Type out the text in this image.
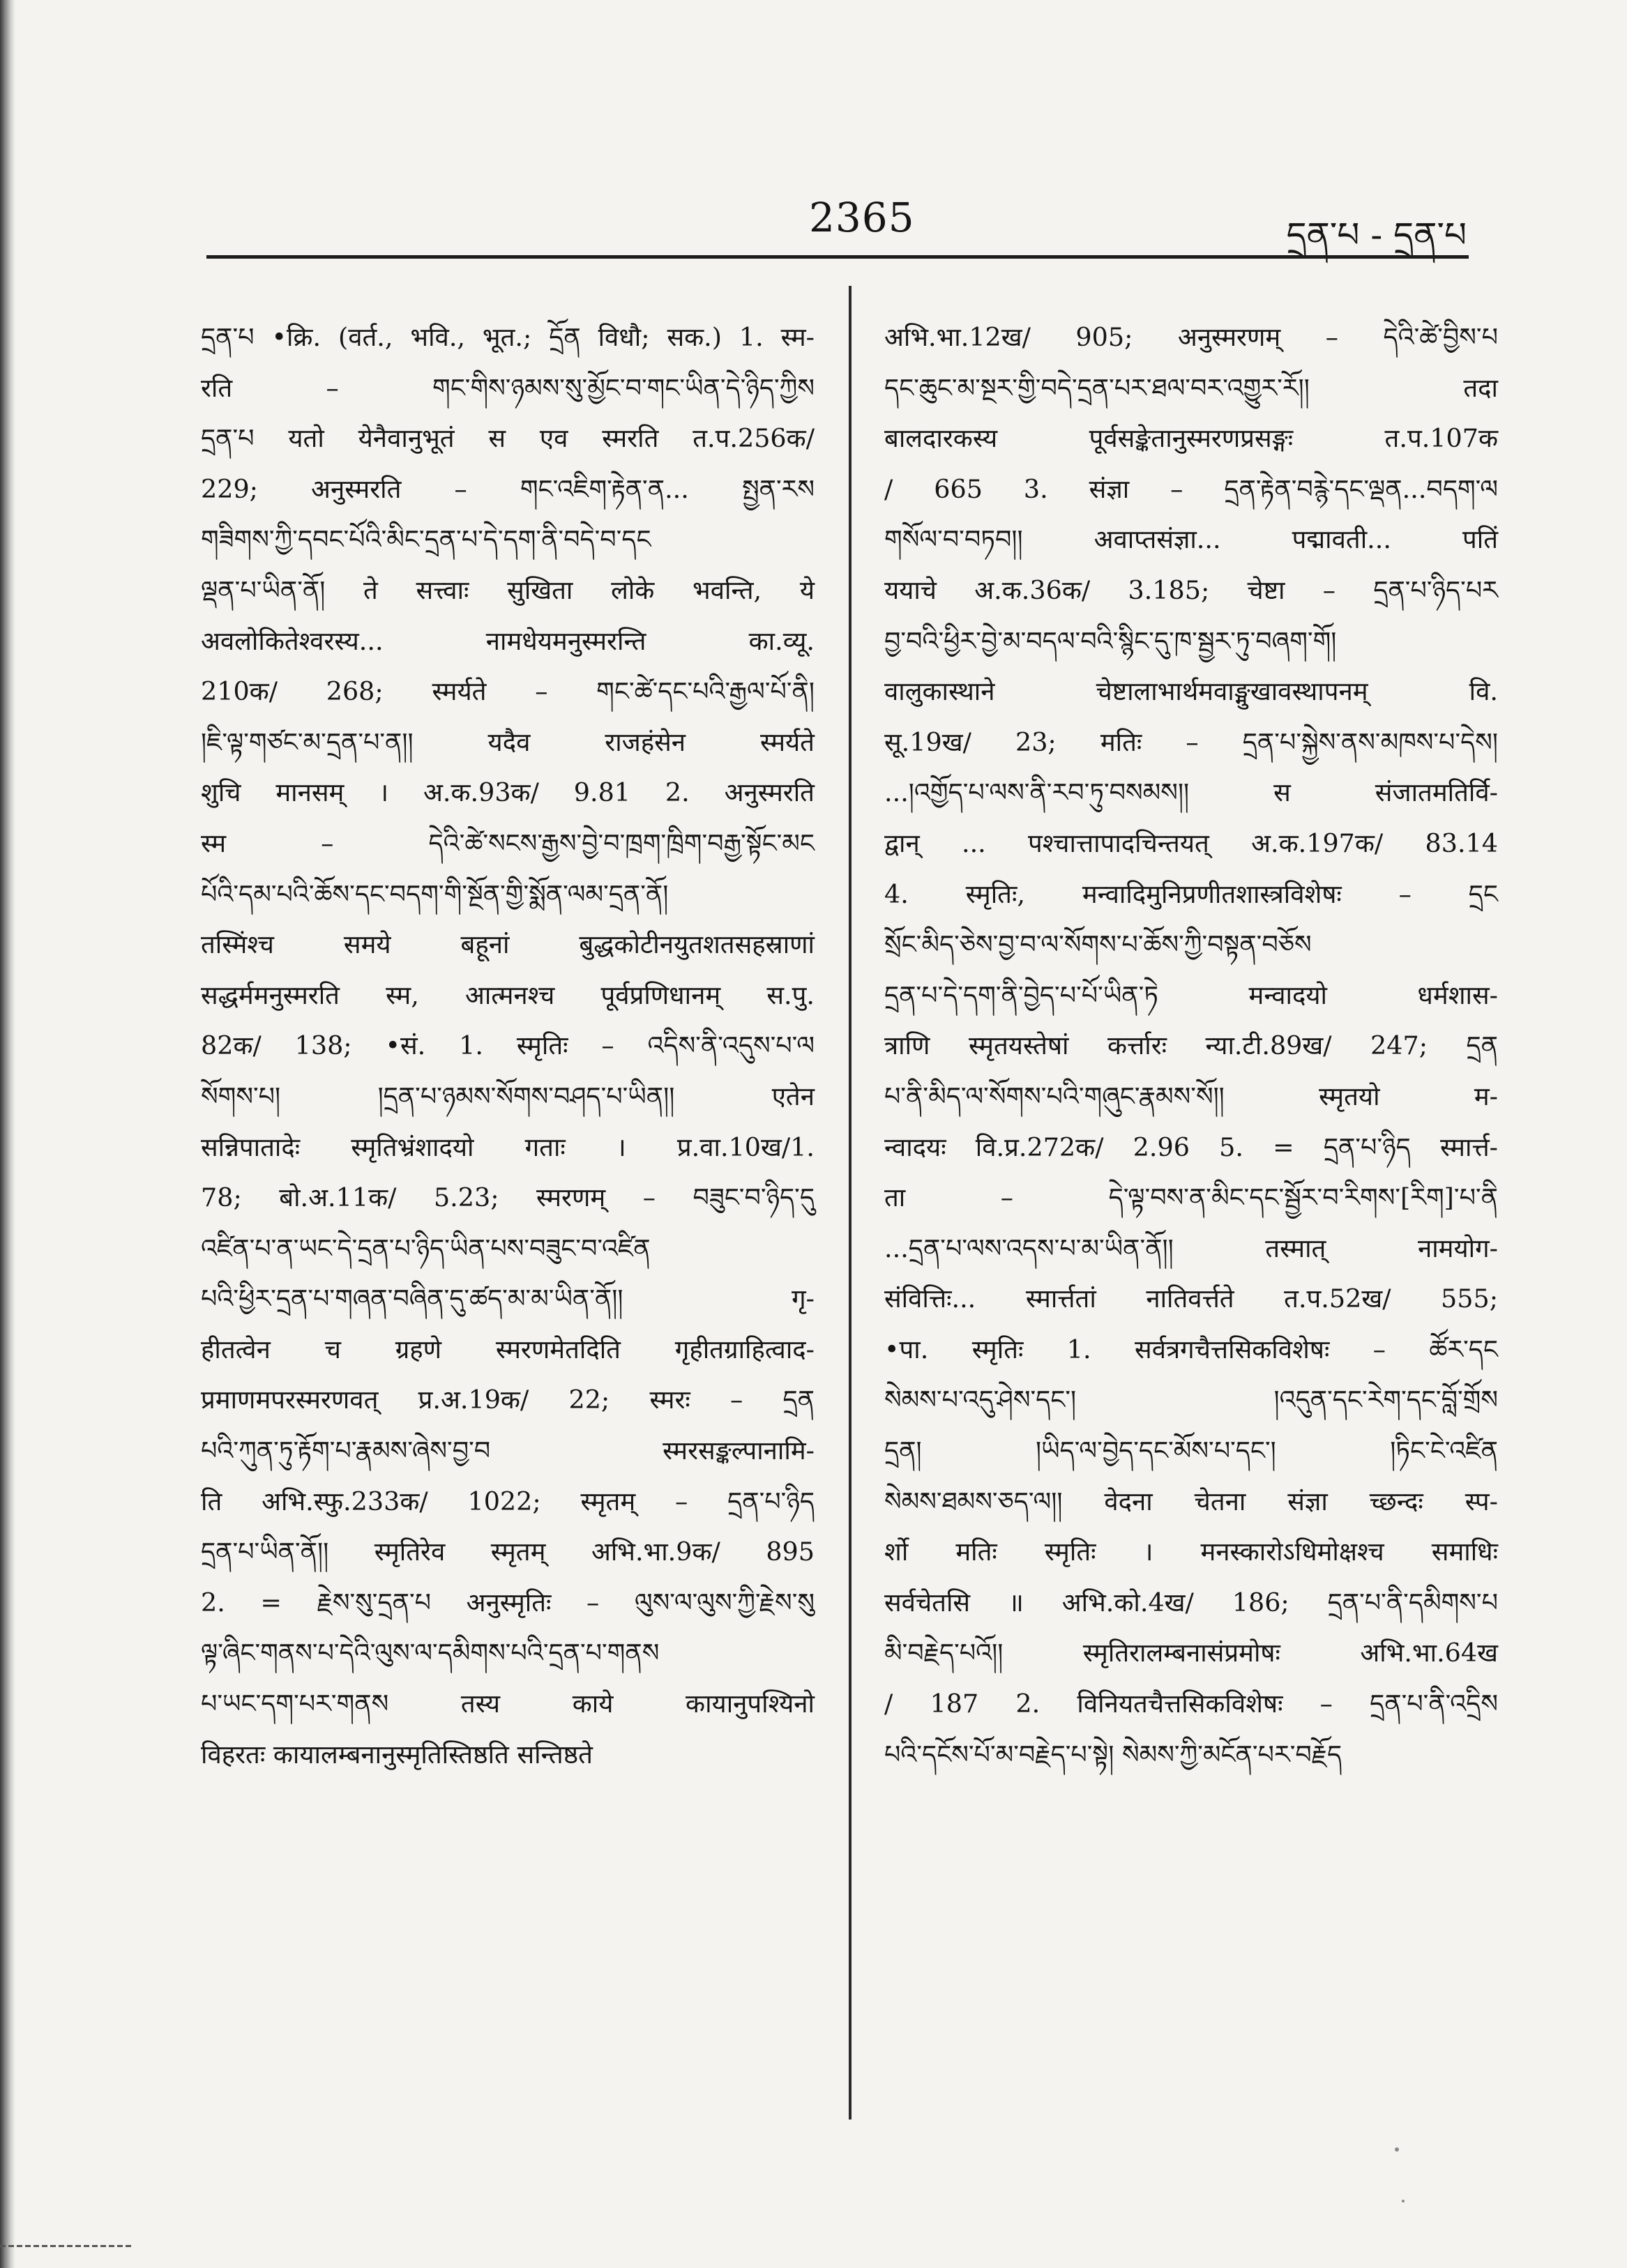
2365	དྲན་པ - དྲན་པ
དྲན་པ •क्रि. (वर्त., भवि., भूत.; དྲོན विधौ; सक.) 1. स्म-
रति – གང་གིས་ཉམས་སུ་མྱོང་བ་གང་ཡིན་དེ་ཉིད་ཀྱིས
དྲན་པ यतो येनैवानुभूतं स एव स्मरति त.प.256क/
229; अनुस्मरति – གང་འཇིག་རྟེན་ན... སྤྱན་རས
གཟིགས་ཀྱི་དབང་པོའི་མིང་དྲན་པ་དེ་དག་ནི་བདེ་བ་དང
ལྡན་པ་ཡིན་ནོ། ते सत्त्वाः सुखिता लोके भवन्ति, ये
अवलोकितेश्वरस्य... नामधेयमनुस्मरन्ति का.व्यू.
210क/ 268; स्मर्यते – གང་ཚེ་དང་པའི་རྒྱལ་པོ་ནི།
།ཇི་ལྟ་གཙང་མ་དྲན་པ་ན།། यदैव राजहंसेन स्मर्यते
शुचि मानसम् । अ.क.93क/ 9.81 2. अनुस्मरति
स्म – དེའི་ཚེ་སངས་རྒྱས་བྱེ་བ་ཁྲག་ཁྲིག་བརྒྱ་སྟོང་མང
པོའི་དམ་པའི་ཆོས་དང་བདག་གི་སྔོན་གྱི་སྨོན་ལམ་དྲན་ནོ།
तस्मिंश्च समये बहूनां बुद्धकोटीनयुतशतसहस्राणां
सद्धर्ममनुस्मरति स्म, आत्मनश्च पूर्वप्रणिधानम् स.पु.
82क/ 138; •सं. 1. स्मृतिः – འདིས་ནི་འདུས་པ་ལ
སོགས་པ། །དྲན་པ་ཉམས་སོགས་བཤད་པ་ཡིན།། एतेन
सन्निपातादेः स्मृतिभ्रंशादयो गताः । प्र.वा.10ख/1.
78; बो.अ.11क/ 5.23; स्मरणम् – བཟུང་བ་ཉིད་དུ
འཛིན་པ་ན་ཡང་དེ་དྲན་པ་ཉིད་ཡིན་པས་བཟུང་བ་འཛིན
པའི་ཕྱིར་དྲན་པ་གཞན་བཞིན་དུ་ཚད་མ་མ་ཡིན་ནོ།། गृ-
हीतत्वेन च ग्रहणे स्मरणमेतदिति गृहीतग्राहित्वाद-
प्रमाणमपरस्मरणवत् प्र.अ.19क/ 22; स्मरः – དྲན
པའི་ཀུན་ཏུ་རྟོག་པ་རྣམས་ཞེས་བྱ་བ स्मरसङ्कल्पानामि-
ति अभि.स्फु.233क/ 1022; स्मृतम् – དྲན་པ་ཉིད
དྲན་པ་ཡིན་ནོ།། स्मृतिरेव स्मृतम् अभि.भा.9क/ 895
2. = རྗེས་སུ་དྲན་པ अनुस्मृतिः – ལུས་ལ་ལུས་ཀྱི་རྗེས་སུ
ལྟ་ཞིང་གནས་པ་དེའི་ལུས་ལ་དམིགས་པའི་དྲན་པ་གནས
པ་ཡང་དག་པར་གནས तस्य काये कायानुपश्यिनो
विहरतः कायालम्बनानुस्मृतिस्तिष्ठति सन्तिष्ठते
अभि.भा.12ख/ 905; अनुस्मरणम् – དེའི་ཚེ་བྱིས་པ
དང་ཆུང་མ་སྔར་གྱི་བདེ་དྲན་པར་ཐལ་བར་འགྱུར་རོ།། तदा
बालदारकस्य पूर्वसङ्केतानुस्मरणप्रसङ्गः त.प.107क
/ 665 3. संज्ञा – དྲན་རྟེན་བརྙེ་དང་ལྡན...བདག་ལ
གསོལ་བ་བཏབ།། अवाप्तसंज्ञा... पद्मावती... पतिं
ययाचे अ.क.36क/ 3.185; चेष्टा – དྲན་པ་ཉིད་པར
བྱ་བའི་ཕྱིར་བྱེ་མ་བདལ་བའི་སྙིང་དུ་ཁ་སྦྱར་ཏུ་བཞག་གོ།
वालुकास्थाने चेष्टालाभार्थमवाङ्मुखावस्थापनम् वि.
सू.19ख/ 23; मतिः – དྲན་པ་སྐྱེས་ནས་མཁས་པ་དེས།
...།འགྱོད་པ་ལས་ནི་རབ་ཏུ་བསམས།། स संजातमतिर्वि-
द्वान् ... पश्चात्तापादचिन्तयत् अ.क.197क/ 83.14
4. स्मृतिः, मन्वादिमुनिप्रणीतशास्त्रविशेषः – དྲང
སྲོང་མིད་ཅེས་བྱ་བ་ལ་སོགས་པ་ཆོས་ཀྱི་བསྟན་བཅོས
དྲན་པ་དེ་དག་ནི་བྱེད་པ་པོ་ཡིན་ཏེ मन्वादयो धर्मशास-
त्राणि स्मृतयस्तेषां कर्त्तारः न्या.टी.89ख/ 247; དྲན
པ་ནི་མིད་ལ་སོགས་པའི་གཞུང་རྣམས་སོ།། स्मृतयो म-
न्वादयः वि.प्र.272क/ 2.96 5. = དྲན་པ་ཉིད स्मार्त्त-
ता – དེ་ལྟ་བས་ན་མིང་དང་སྦྱོར་བ་རིགས་[རིག]་པ་ནི
...དྲན་པ་ལས་འདས་པ་མ་ཡིན་ནོ།། तस्मात् नामयोग-
संवित्तिः... स्मार्त्ततां नातिवर्त्तते त.प.52ख/ 555;
•पा. स्मृतिः 1. सर्वत्रगचैत्तसिकविशेषः – ཚོར་དང
སེམས་པ་འདུ་ཤེས་དང་། །འདུན་དང་རེག་དང་བློ་གྲོས
དྲན། །ཡིད་ལ་བྱེད་དང་མོས་པ་དང་། །ཏིང་ངེ་འཛིན
སེམས་ཐམས་ཅད་ལ།། वेदना चेतना संज्ञा च्छन्दः स्प-
र्शो मतिः स्मृतिः । मनस्कारोऽधिमोक्षश्च समाधिः
सर्वचेतसि ॥ अभि.को.4ख/ 186; དྲན་པ་ནི་དམིགས་པ
མི་བརྗེད་པའོ།། स्मृतिरालम्बनासंप्रमोषः अभि.भा.64ख
/ 187 2. विनियतचैत्तसिकविशेषः – དྲན་པ་ནི་འདྲིས
པའི་དངོས་པོ་མ་བརྗེད་པ་སྟེ། སེམས་ཀྱི་མངོན་པར་བརྗོད
